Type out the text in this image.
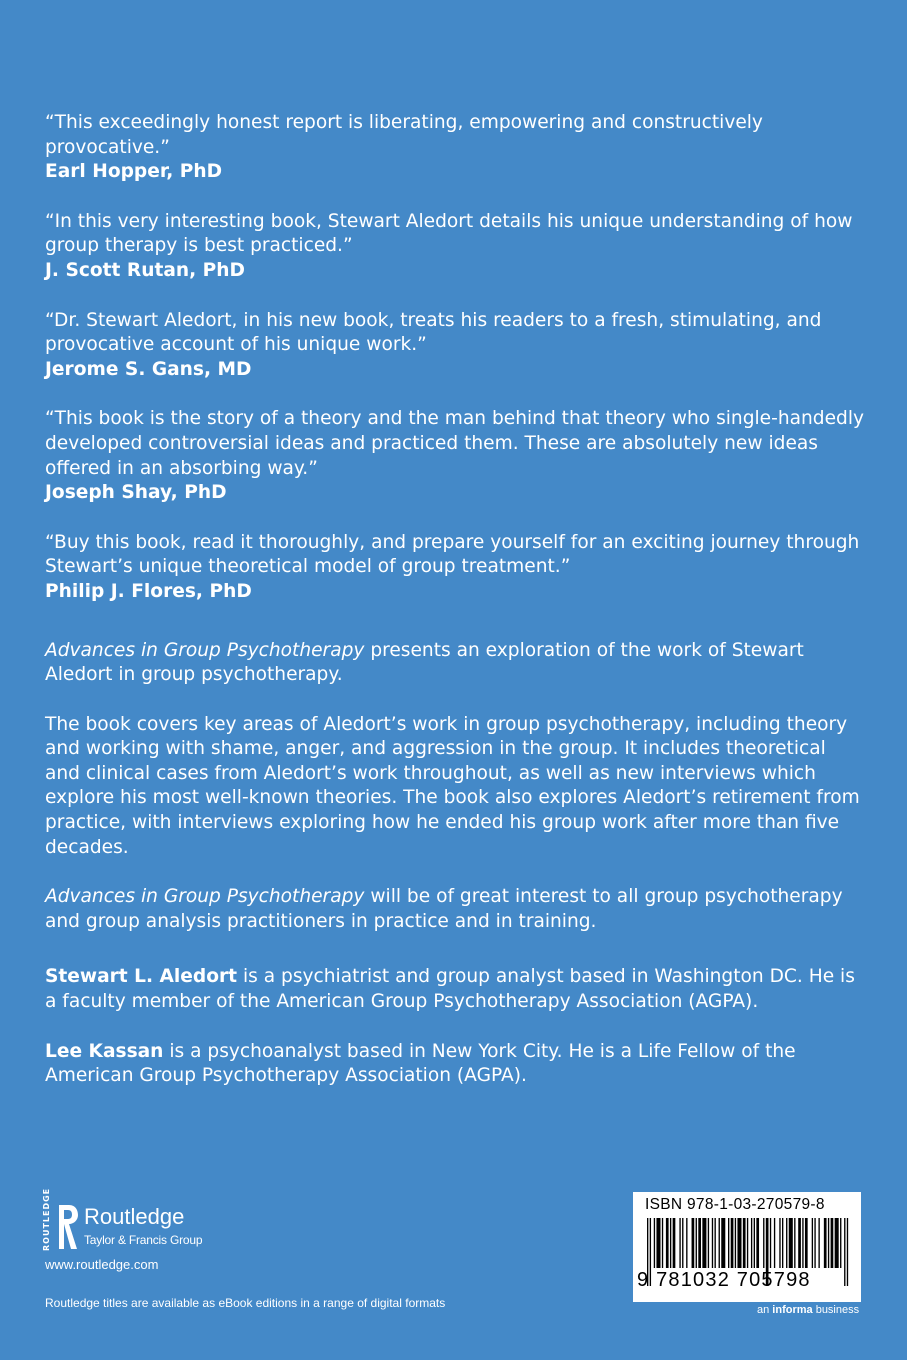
“This exceedingly honest report is liberating, empowering and constructively provocative.”

Earl Hopper, PhD

“In this very interesting book, Stewart Aledort details his unique understanding of how group therapy is best practiced.”

J. Scott Rutan, PhD

“Dr. Stewart Aledort, in his new book, treats his readers to a fresh, stimulating, and provocative account of his unique work.”

Jerome S. Gans, MD

“This book is the story of a theory and the man behind that theory who single-handedly developed controversial ideas and practiced them. These are absolutely new ideas offered in an absorbing way.”

Joseph Shay, PhD

“Buy this book, read it thoroughly, and prepare yourself for an exciting journey through Stewart’s unique theoretical model of group treatment.”

Philip J. Flores, PhD

Advances in Group Psychotherapy presents an exploration of the work of Stewart Aledort in group psychotherapy.

The book covers key areas of Aledort’s work in group psychotherapy, including theory and working with shame, anger, and aggression in the group. It includes theoretical and clinical cases from Aledort’s work throughout, as well as new interviews which explore his most well-known theories. The book also explores Aledort’s retirement from practice, with interviews exploring how he ended his group work after more than five decades.

Advances in Group Psychotherapy will be of great interest to all group psychotherapy and group analysis practitioners in practice and in training.

Stewart L. Aledort is a psychiatrist and group analyst based in Washington DC. He is a faculty member of the American Group Psychotherapy Association (AGPA).

Lee Kassan is a psychoanalyst based in New York City. He is a Life Fellow of the American Group Psychotherapy Association (AGPA).

ROUTLEDGE Routledge
Taylor & Francis Group
www.routledge.com
Routledge titles are available as eBook editions in a range of digital formats
ISBN 978-1-03-270579-8
9 781032 705798
an informa business
